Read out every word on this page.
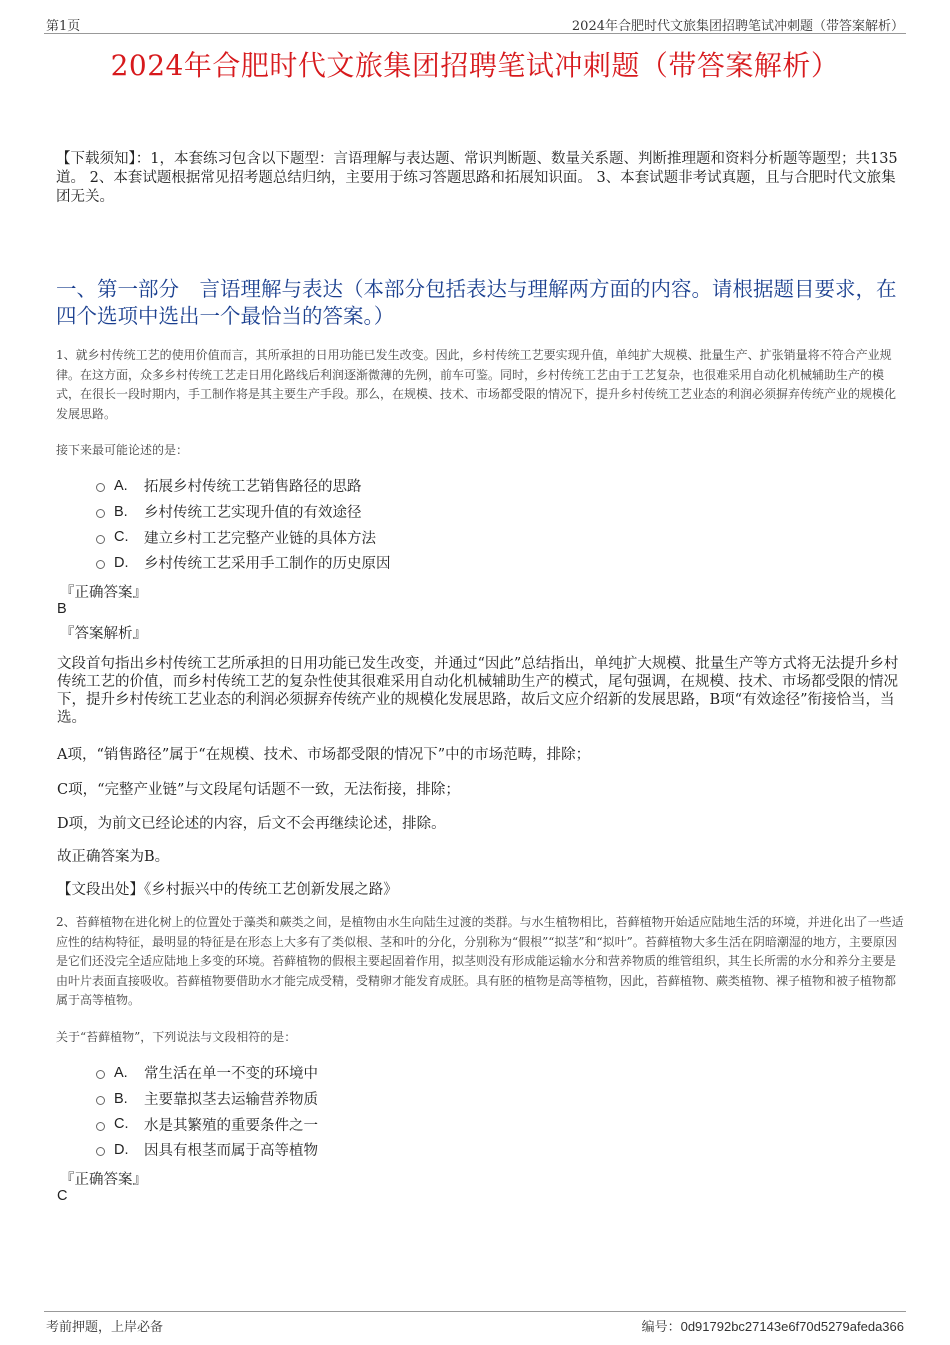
第1页	2024年合肥时代文旅集团招聘笔试冲刺题（带答案解析）
2024年合肥时代文旅集团招聘笔试冲刺题（带答案解析）
【下载须知】：1，本套练习包含以下题型：言语理解与表达题、常识判断题、数量关系题、判断推理题和资料分析题等题型；共135道。 2、本套试题根据常见招考题总结归纳，主要用于练习答题思路和拓展知识面。 3、本套试题非考试真题，且与合肥时代文旅集团无关。
一、第一部分　言语理解与表达（本部分包括表达与理解两方面的内容。请根据题目要求，在四个选项中选出一个最恰当的答案。）
1、就乡村传统工艺的使用价值而言，其所承担的日用功能已发生改变。因此，乡村传统工艺要实现升值，单纯扩大规模、批量生产、扩张销量将不符合产业规律。在这方面，众多乡村传统工艺走日用化路线后利润逐渐微薄的先例，前车可鉴。同时，乡村传统工艺由于工艺复杂，也很难采用自动化机械辅助生产的模式，在很长一段时期内，手工制作将是其主要生产手段。那么，在规模、技术、市场都受限的情况下，提升乡村传统工艺业态的利润必须摒弃传统产业的规模化发展思路。
接下来最可能论述的是：
A.	拓展乡村传统工艺销售路径的思路
B.	乡村传统工艺实现升值的有效途径
C.	建立乡村工艺完整产业链的具体方法
D.	乡村传统工艺采用手工制作的历史原因
『正确答案』
B
『答案解析』
文段首句指出乡村传统工艺所承担的日用功能已发生改变，并通过“因此”总结指出，单纯扩大规模、批量生产等方式将无法提升乡村传统工艺的价值，而乡村传统工艺的复杂性使其很难采用自动化机械辅助生产的模式，尾句强调，在规模、技术、市场都受限的情况下，提升乡村传统工艺业态的利润必须摒弃传统产业的规模化发展思路，故后文应介绍新的发展思路，B项“有效途径”衔接恰当，当选。
A项，“销售路径”属于“在规模、技术、市场都受限的情况下”中的市场范畴，排除；
C项，“完整产业链”与文段尾句话题不一致，无法衔接，排除；
D项，为前文已经论述的内容，后文不会再继续论述，排除。
故正确答案为B。
【文段出处】《乡村振兴中的传统工艺创新发展之路》
2、苔藓植物在进化树上的位置处于藻类和蕨类之间，是植物由水生向陆生过渡的类群。与水生植物相比，苔藓植物开始适应陆地生活的环境，并进化出了一些适应性的结构特征，最明显的特征是在形态上大多有了类似根、茎和叶的分化，分别称为“假根”“拟茎”和“拟叶”。苔藓植物大多生活在阴暗潮湿的地方，主要原因是它们还没完全适应陆地上多变的环境。苔藓植物的假根主要起固着作用，拟茎则没有形成能运输水分和营养物质的维管组织，其生长所需的水分和养分主要是由叶片表面直接吸收。苔藓植物要借助水才能完成受精，受精卵才能发育成胚。具有胚的植物是高等植物，因此，苔藓植物、蕨类植物、裸子植物和被子植物都属于高等植物。
关于“苔藓植物”，下列说法与文段相符的是：
A.	常生活在单一不变的环境中
B.	主要靠拟茎去运输营养物质
C.	水是其繁殖的重要条件之一
D.	因具有根茎而属于高等植物
『正确答案』
C
考前押题，上岸必备	编号：0d91792bc27143e6f70d5279afeda366
